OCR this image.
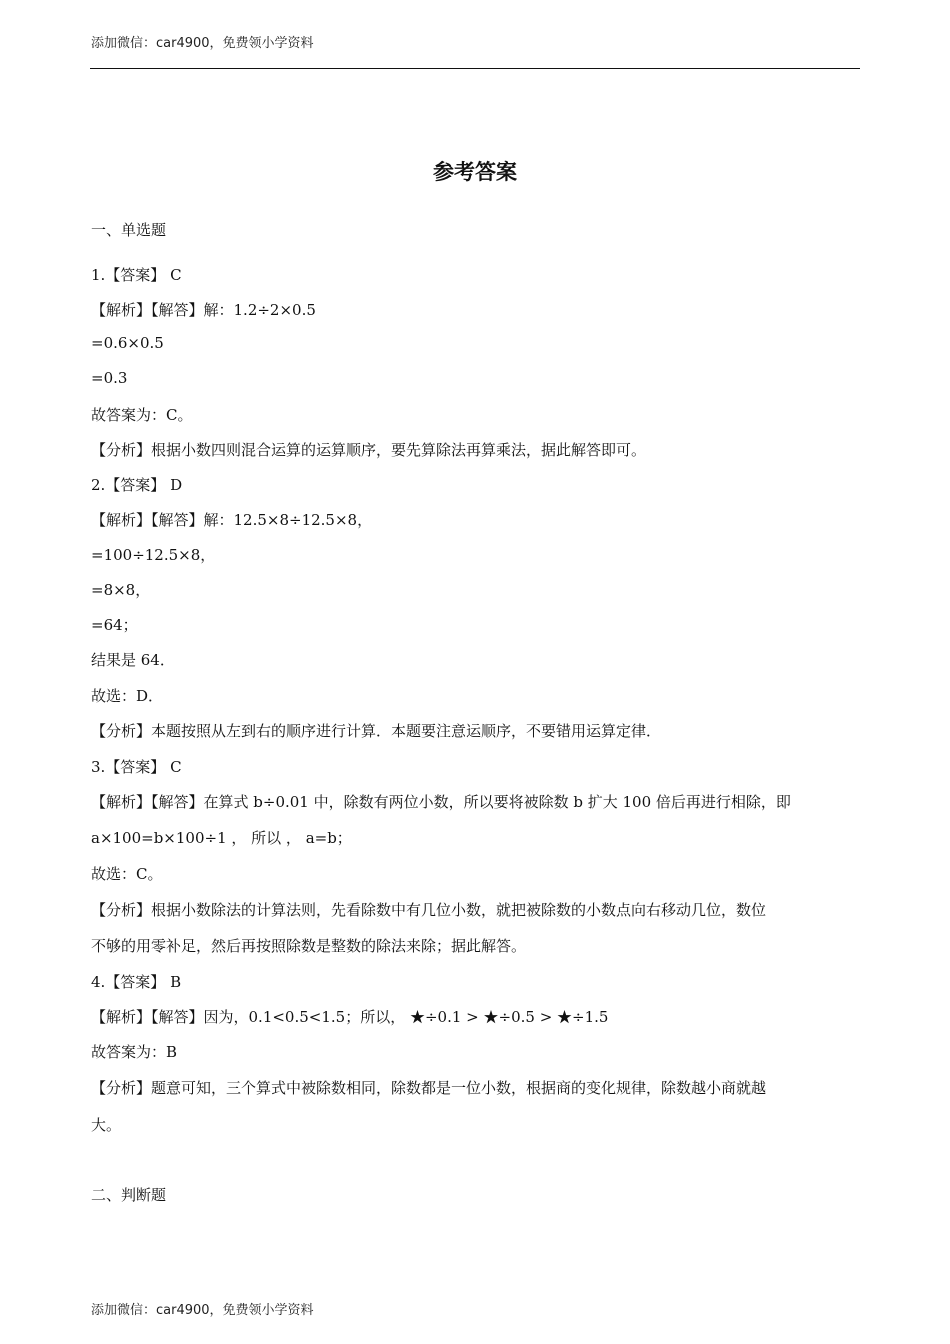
添加微信：car4900，免费领小学资料
参考答案
一、单选题
1.【答案】 C
【解析】【解答】解：1.2÷2×0.5
=0.6×0.5
=0.3
故答案为：C。
【分析】根据小数四则混合运算的运算顺序，要先算除法再算乘法，据此解答即可。
2.【答案】 D
【解析】【解答】解：12.5×8÷12.5×8，
=100÷12.5×8，
=8×8，
=64；
结果是 64．
故选：D．
【分析】本题按照从左到右的顺序进行计算．本题要注意运顺序，不要错用运算定律．
3.【答案】 C
【解析】【解答】在算式 b÷0.01 中，除数有两位小数，所以要将被除数 b 扩大 100 倍后再进行相除，即
a×100=b×100÷1 ， 所以 ， a=b；
故选：C。
【分析】根据小数除法的计算法则，先看除数中有几位小数，就把被除数的小数点向右移动几位，数位
不够的用零补足，然后再按照除数是整数的除法来除；据此解答。
4.【答案】 B
【解析】【解答】因为，0.1<0.5<1.5；所以， ★÷0.1 > ★÷0.5 > ★÷1.5
故答案为：B
【分析】题意可知，三个算式中被除数相同，除数都是一位小数，根据商的变化规律，除数越小商就越
大。
二、判断题
添加微信：car4900，免费领小学资料
